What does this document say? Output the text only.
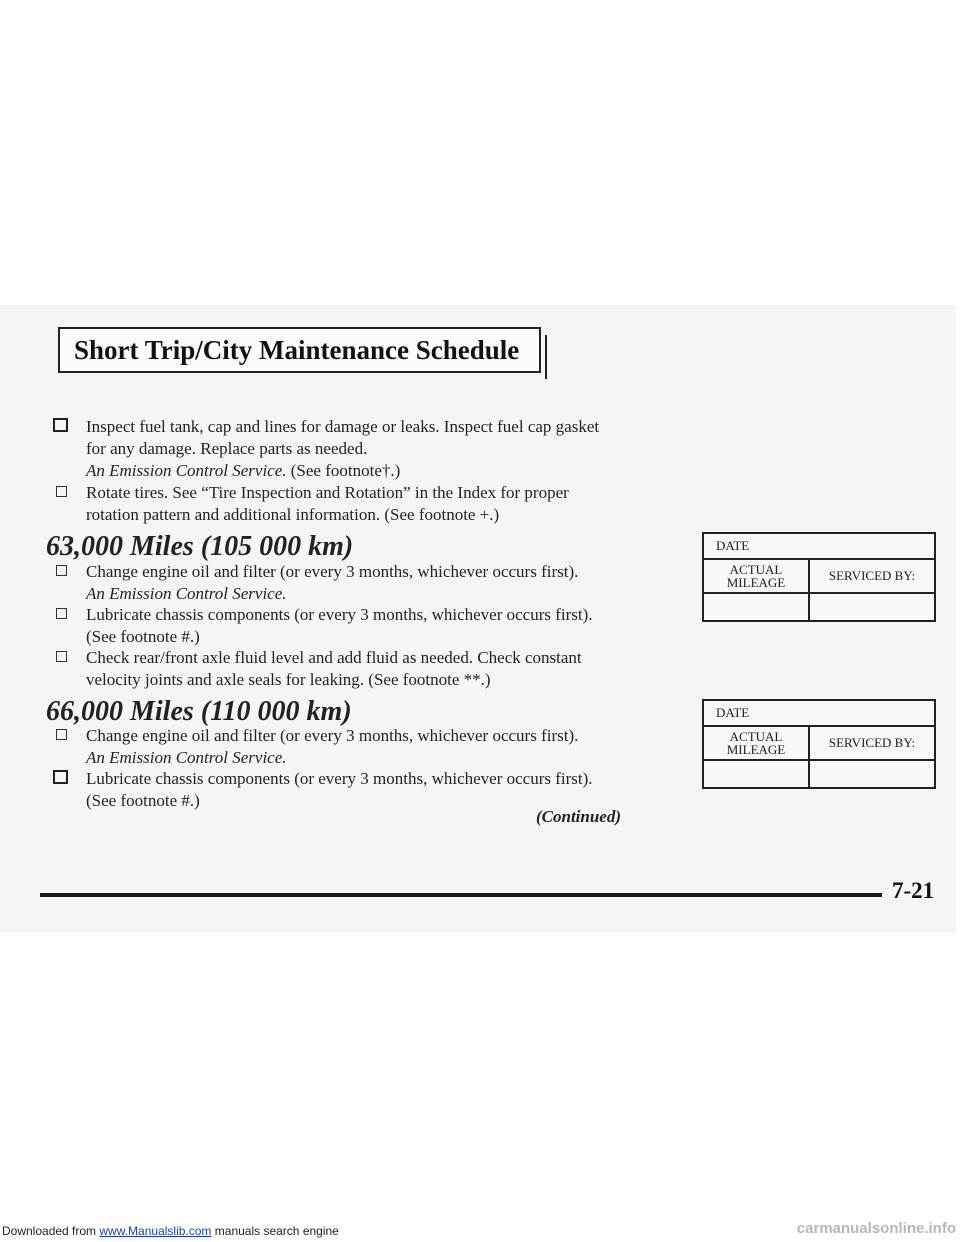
Short Trip/City Maintenance Schedule
Inspect fuel tank, cap and lines for damage or leaks. Inspect fuel cap gasket
for any damage. Replace parts as needed.
An Emission Control Service. (See footnote†.)
Rotate tires. See “Tire Inspection and Rotation” in the Index for proper
rotation pattern and additional information. (See footnote +.)
63,000 Miles (105 000 km)
Change engine oil and filter (or every 3 months, whichever occurs first).
An Emission Control Service.
Lubricate chassis components (or every 3 months, whichever occurs first).
(See footnote #.)
Check rear/front axle fluid level and add fluid as needed. Check constant
velocity joints and axle seals for leaking. (See footnote **.)
DATE
ACTUAL
MILEAGE	SERVICED BY:
66,000 Miles (110 000 km)
Change engine oil and filter (or every 3 months, whichever occurs first).
An Emission Control Service.
Lubricate chassis components (or every 3 months, whichever occurs first).
(See footnote #.)
DATE
ACTUAL
MILEAGE	SERVICED BY:
(Continued)
7-21
Downloaded from www.Manualslib.com manuals search engine	carmanualsonline.info
